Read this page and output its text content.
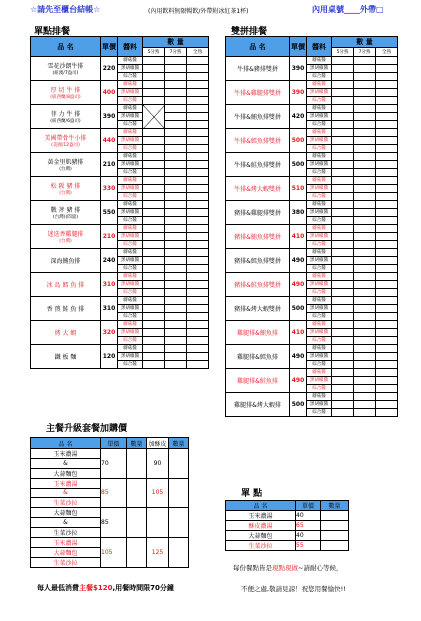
☆請先至櫃台結帳☆	(內用飲料無限暢飲/外帶附冰紅茶1杯)	內用桌號____外帶□
單點排餐	雙拼排餐
品 名	單價	醬料	數 量		
			5分熟	7分熟	全熟

雪花沙朗牛排
(紐澳/7盎司)	220	蘑菇醬			
		黑胡椒醬			
		綜合醬			

厚 切 牛 排
(紐西蘭/8盎司)	400	蘑菇醬			
		黑胡椒醬			
		綜合醬			

菲 力 牛 排
(紐西蘭/6盎司)	390	蘑菇醬			
		黑胡椒醬			
		綜合醬			

美國帶骨牛小排
(美國/12盎司)	440	蘑菇醬			
		黑胡椒醬			
		綜合醬			

黃金里肌豬排
(台灣)	210	蘑菇醬			
		黑胡椒醬			
		綜合醬			

松 阪 豬 排
(台灣)	330	蘑菇醬			
		黑胡椒醬			
		綜合醬			

戰 斧 豬 排
(台灣)(間量)	550	蘑菇醬			
		黑胡椒醬			
		綜合醬			

迷迭香雞腿排
(台灣)	210	蘑菇醬			
		黑胡椒醬			
		綜合醬			

深海鮪魚排	240	蘑菇醬			
		黑胡椒醬			
		綜合醬			

冰 島 鱈 魚 排	310	蘑菇醬			
		黑胡椒醬			
		綜合醬			

香 煎 鮭 魚 排	310	蘑菇醬			
		黑胡椒醬			
		綜合醬			

烤 大 蝦	320	蘑菇醬			
		黑胡椒醬			
		綜合醬			

鐵 板 麵	120	蘑菇醬			
		黑胡椒醬			
		綜合醬			
品 名	單價	醬料	數 量		
			5分熟	7分熟	全熟

牛排&豬排雙拼	390	蘑菇醬			
		黑胡椒醬			
		綜合醬			

牛排&雞腿排雙拼	390	蘑菇醬			
		黑胡椒醬			
		綜合醬			

牛排&鮪魚排雙拼	420	蘑菇醬			
		黑胡椒醬			
		綜合醬			

牛排&鱈魚排雙拼	500	蘑菇醬			
		黑胡椒醬			
		綜合醬			

牛排&鮭魚排雙拼	500	蘑菇醬			
		黑胡椒醬			
		綜合醬			

牛排&烤大蝦雙拼	510	蘑菇醬			
		黑胡椒醬			
		綜合醬			

豬排&雞腿排雙拼	380	蘑菇醬			
		黑胡椒醬			
		綜合醬			

豬排&鮪魚排雙拼	410	蘑菇醬			
		黑胡椒醬			
		綜合醬			

豬排&鱈魚排雙拼	490	蘑菇醬			
		黑胡椒醬			
		綜合醬			

豬排&鮭魚排雙拼	490	蘑菇醬			
		黑胡椒醬			
		綜合醬			

豬排&烤大蝦雙拼	500	蘑菇醬			
		黑胡椒醬			
		綜合醬			

雞腿排&鮪魚排	410	蘑菇醬			
		黑胡椒醬			
		綜合醬			

雞腿排&鱈魚排	490	蘑菇醬			
		黑胡椒醬			
		綜合醬			

雞腿排&鮭魚排	490	蘑菇醬			
		黑胡椒醬			
		綜合醬			

雞腿排&烤大蝦排	500	蘑菇醬			
		黑胡椒醬			
		綜合醬			
主餐升級套餐加購價
品 名	單價	數量	加酥皮	數量
玉米濃湯	70		90	
&				
大蒜麵包				
玉米濃湯	85		105	
&				
生菜沙拉				
大蒜麵包	85			
&				
生菜沙拉				
玉米濃湯	105		125	
大蒜麵包				
生菜沙拉				
單 點
品 名	單價	數量
玉米濃湯	40	
酥皮濃湯	65	
大蒜麵包	40	
生菜沙拉	55	
每份餐點皆是現點現做~請耐心等候，
不便之處,敬請見諒！祝您用餐愉快!!
每人最低消費主餐$120,用餐時間限70分鐘
